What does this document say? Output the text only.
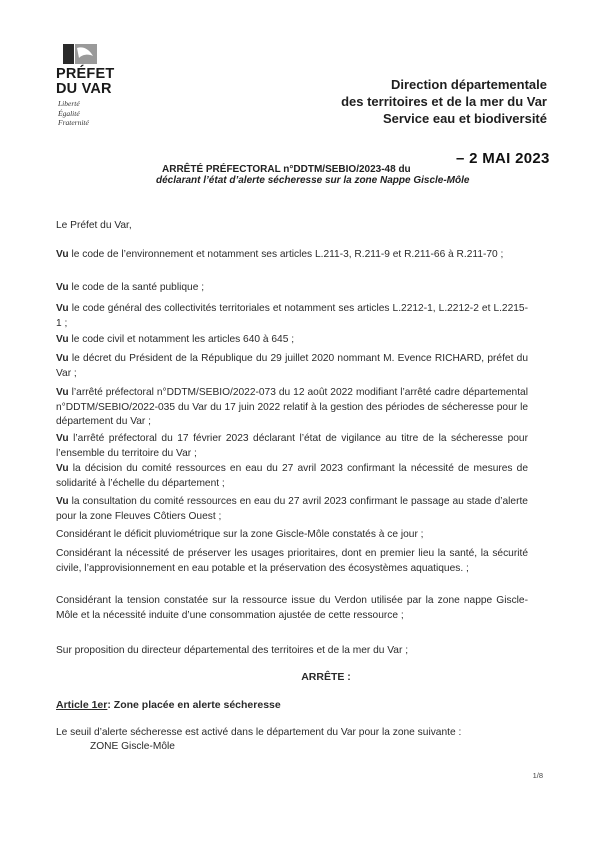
PRÉFET
DU VAR
Liberté
Égalité
Fraternité
Direction départementale
des territoires et de la mer du Var
Service eau et biodiversité
ARRÊTÉ PRÉFECTORAL n°DDTM/SEBIO/2023-48 du
– 2 MAI 2023
déclarant l’état d’alerte sécheresse sur la zone Nappe Giscle-Môle
Le Préfet du Var,
Vu le code de l’environnement et notamment ses articles L.211-3, R.211-9 et R.211-66 à R.211-70 ;
Vu le code de la santé publique ;
Vu le code général des collectivités territoriales et notamment ses articles L.2212-1, L.2212-2 et L.2215-1 ;
Vu le code civil et notamment les articles 640 à 645 ;
Vu le décret du Président de la République du 29 juillet 2020 nommant M. Evence RICHARD, préfet du Var ;
Vu l’arrêté préfectoral n°DDTM/SEBIO/2022-073 du 12 août 2022 modifiant l’arrêté cadre départemental n°DDTM/SEBIO/2022-035 du Var du 17 juin 2022 relatif à la gestion des périodes de sécheresse pour le département du Var ;
Vu l’arrêté préfectoral du 17 février 2023 déclarant l’état de vigilance au titre de la sécheresse pour l’ensemble du territoire du Var ;
Vu la décision du comité ressources en eau du 27 avril 2023 confirmant la nécessité de mesures de solidarité à l’échelle du département ;
Vu la consultation du comité ressources en eau du 27 avril 2023 confirmant le passage au stade d’alerte pour la zone Fleuves Côtiers Ouest ;
Considérant le déficit pluviométrique sur la zone Giscle-Môle constatés à ce jour ;
Considérant la nécessité de préserver les usages prioritaires, dont en premier lieu la santé, la sécurité civile, l’approvisionnement en eau potable et la préservation des écosystèmes aquatiques. ;
Considérant la tension constatée sur la ressource issue du Verdon utilisée par la zone nappe Giscle-Môle et la nécessité induite d’une consommation ajustée de cette ressource ;
Sur proposition du directeur départemental des territoires et de la mer du Var ;
ARRÊTE :
Article 1er: Zone placée en alerte sécheresse
Le seuil d’alerte sécheresse est activé dans le département du Var pour la zone suivante :
ZONE Giscle-Môle
1/8
